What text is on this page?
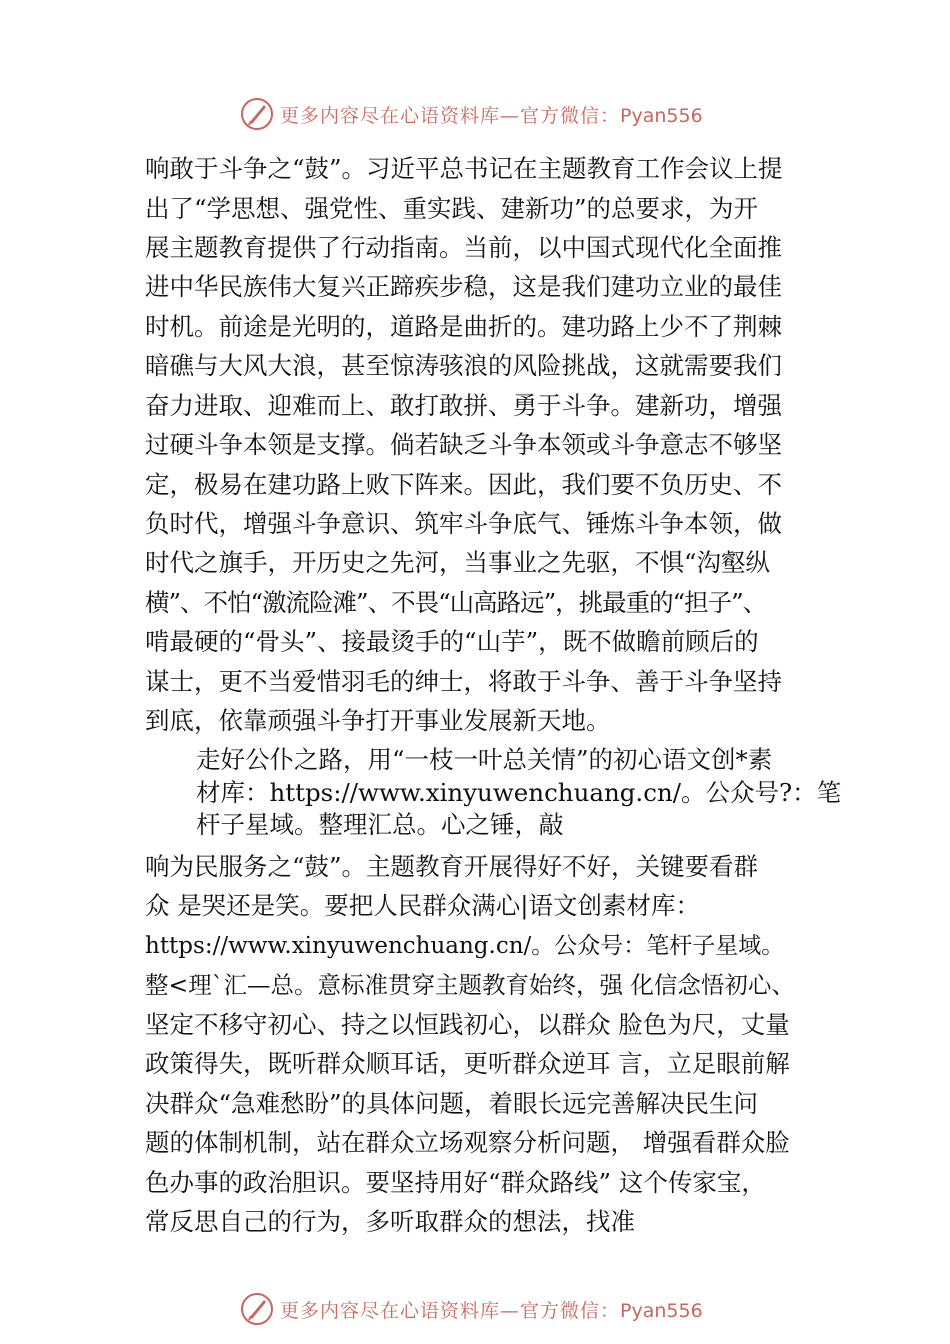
更多内容尽在心语资料库—官方微信：Pyan556
响敢于斗争之“鼓”。习近平总书记在主题教育工作会议上提
出了“学思想、强党性、重实践、建新功”的总要求，为开
展主题教育提供了行动指南。当前，以中国式现代化全面推
进中华民族伟大复兴正蹄疾步稳，这是我们建功立业的最佳
时机。前途是光明的，道路是曲折的。建功路上少不了荆棘
暗礁与大风大浪，甚至惊涛骇浪的风险挑战，这就需要我们
奋力进取、迎难而上、敢打敢拼、勇于斗争。建新功，增强
过硬斗争本领是支撑。倘若缺乏斗争本领或斗争意志不够坚
定，极易在建功路上败下阵来。因此，我们要不负历史、不
负时代，增强斗争意识、筑牢斗争底气、锤炼斗争本领，做
时代之旗手，开历史之先河，当事业之先驱，不惧“沟壑纵
横”、不怕“激流险滩”、不畏“山高路远”，挑最重的“担子”、
啃最硬的“骨头”、接最烫手的“山芋”，既不做瞻前顾后的
谋士，更不当爱惜羽毛的绅士，将敢于斗争、善于斗争坚持
到底，依靠顽强斗争打开事业发展新天地。
走好公仆之路，用“一枝一叶总关情”的初心语文创*素
材库：https://www.xinyuwenchuang.cn/。公众号?：笔
杆子星域。整理汇总。心之锤，敲
响为民服务之“鼓”。主题教育开展得好不好，关键要看群
众 是哭还是笑。要把人民群众满心|语文创素材库：
https://www.xinyuwenchuang.cn/。公众号：笔杆子星域。
整<理`汇—总。意标准贯穿主题教育始终，强 化信念悟初心、
坚定不移守初心、持之以恒践初心，以群众 脸色为尺，丈量
政策得失，既听群众顺耳话，更听群众逆耳 言，立足眼前解
决群众“急难愁盼”的具体问题，着眼长远完善解决民生问
题的体制机制，站在群众立场观察分析问题， 增强看群众脸
色办事的政治胆识。要坚持用好“群众路线” 这个传家宝，
常反思自己的行为，多听取群众的想法，找准
更多内容尽在心语资料库—官方微信：Pyan556
